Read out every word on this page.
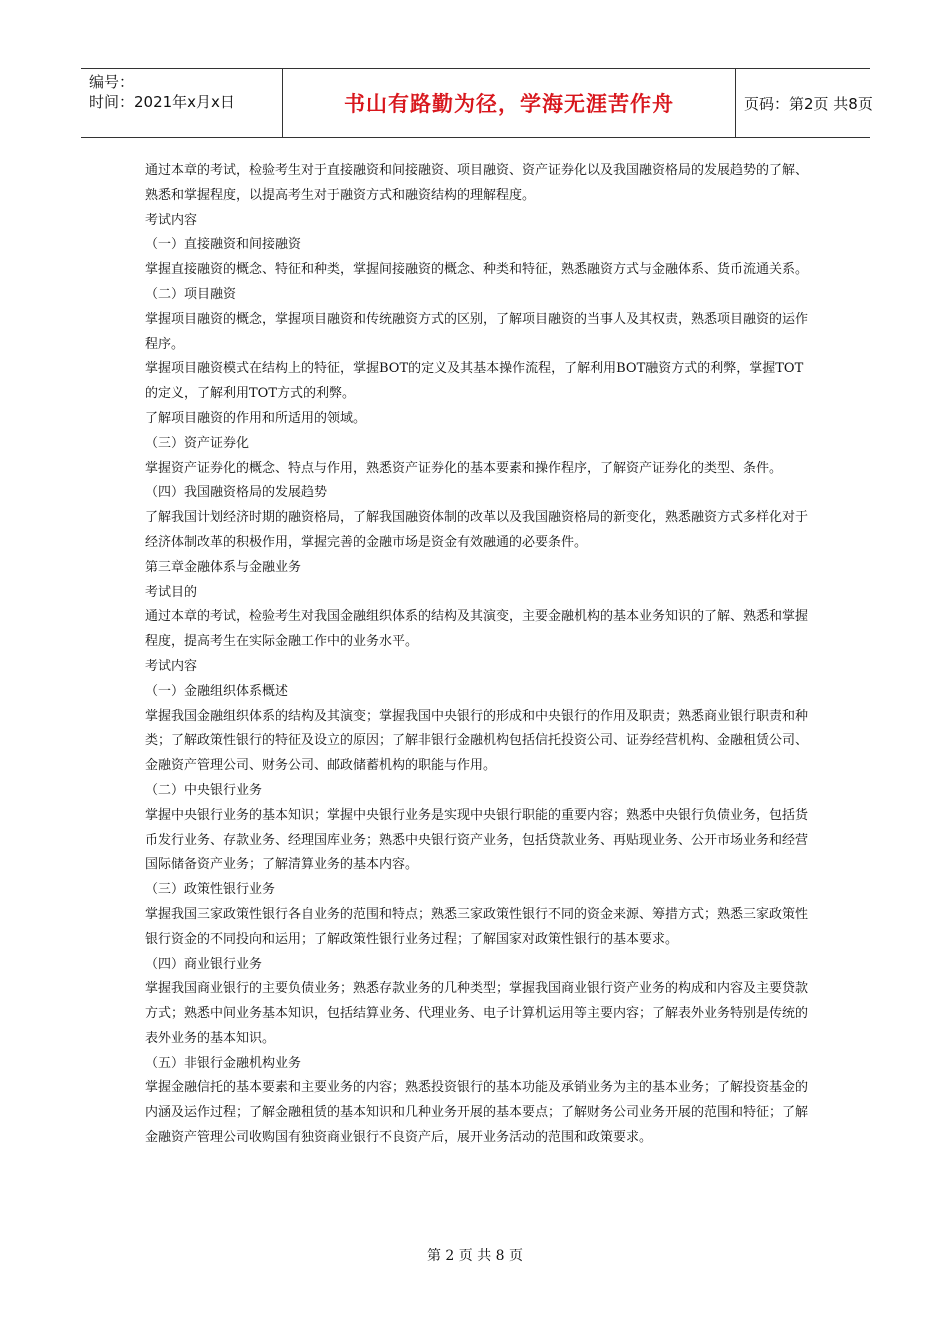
编号：
时间：2021年x月x日	书山有路勤为径，学海无涯苦作舟	页码：第2页 共8页

通过本章的考试，检验考生对于直接融资和间接融资、项目融资、资产证券化以及我国融资格局的发展趋势的了解、熟悉和掌握程度，以提高考生对于融资方式和融资结构的理解程度。

考试内容

（一）直接融资和间接融资

掌握直接融资的概念、特征和种类，掌握间接融资的概念、种类和特征，熟悉融资方式与金融体系、货币流通关系。

（二）项目融资

掌握项目融资的概念，掌握项目融资和传统融资方式的区别，了解项目融资的当事人及其权责，熟悉项目融资的运作程序。

掌握项目融资模式在结构上的特征，掌握BOT的定义及其基本操作流程，了解利用BOT融资方式的利弊，掌握TOT的定义，了解利用TOT方式的利弊。

了解项目融资的作用和所适用的领域。

（三）资产证券化

掌握资产证券化的概念、特点与作用，熟悉资产证券化的基本要素和操作程序，了解资产证券化的类型、条件。

（四）我国融资格局的发展趋势

了解我国计划经济时期的融资格局，了解我国融资体制的改革以及我国融资格局的新变化，熟悉融资方式多样化对于经济体制改革的积极作用，掌握完善的金融市场是资金有效融通的必要条件。

第三章金融体系与金融业务

考试目的

通过本章的考试，检验考生对我国金融组织体系的结构及其演变，主要金融机构的基本业务知识的了解、熟悉和掌握程度，提高考生在实际金融工作中的业务水平。

考试内容

（一）金融组织体系概述

掌握我国金融组织体系的结构及其演变；掌握我国中央银行的形成和中央银行的作用及职责；熟悉商业银行职责和种类；了解政策性银行的特征及设立的原因；了解非银行金融机构包括信托投资公司、证券经营机构、金融租赁公司、金融资产管理公司、财务公司、邮政储蓄机构的职能与作用。

（二）中央银行业务

掌握中央银行业务的基本知识；掌握中央银行业务是实现中央银行职能的重要内容；熟悉中央银行负债业务，包括货币发行业务、存款业务、经理国库业务；熟悉中央银行资产业务，包括贷款业务、再贴现业务、公开市场业务和经营国际储备资产业务；了解清算业务的基本内容。

（三）政策性银行业务

掌握我国三家政策性银行各自业务的范围和特点；熟悉三家政策性银行不同的资金来源、筹措方式；熟悉三家政策性银行资金的不同投向和运用；了解政策性银行业务过程；了解国家对政策性银行的基本要求。

（四）商业银行业务

掌握我国商业银行的主要负债业务；熟悉存款业务的几种类型；掌握我国商业银行资产业务的构成和内容及主要贷款方式；熟悉中间业务基本知识，包括结算业务、代理业务、电子计算机运用等主要内容；了解表外业务特别是传统的表外业务的基本知识。

（五）非银行金融机构业务

掌握金融信托的基本要素和主要业务的内容；熟悉投资银行的基本功能及承销业务为主的基本业务；了解投资基金的内涵及运作过程；了解金融租赁的基本知识和几种业务开展的基本要点；了解财务公司业务开展的范围和特征；了解金融资产管理公司收购国有独资商业银行不良资产后，展开业务活动的范围和政策要求。

第 2 页 共 8 页
